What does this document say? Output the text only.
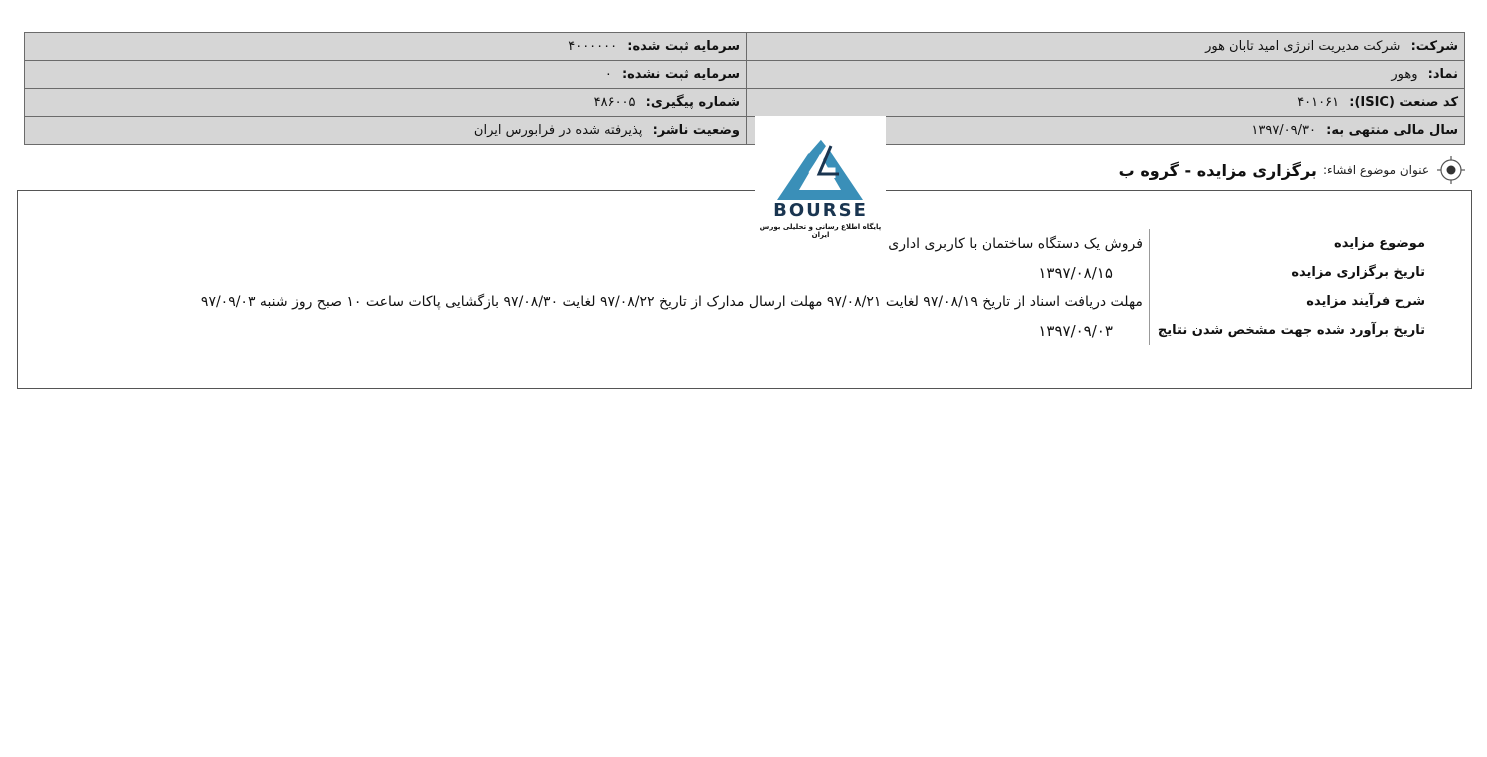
شرکت: شرکت مدیریت انرژی امید تابان هور	سرمایه ثبت شده: ۴۰۰۰۰۰۰
نماد: وهور	سرمایه ثبت نشده: ۰
کد صنعت (ISIC): ۴۰۱۰۶۱	شماره پیگیری: ۴۸۶۰۰۵
سال مالی منتهی به: ۱۳۹۷/۰۹/۳۰	وضعیت ناشر: پذیرفته شده در فرابورس ایران
BOURSE
پایگاه اطلاع رسانی و تحلیلی بورس ایران
عنوان موضوع افشاء:
برگزاری مزایده - گروه ب
موضوع مزایده	فروش یک دستگاه ساختمان با کاربری اداری
تاریخ برگزاری مزایده	۱۳۹۷/۰۸/۱۵
شرح فرآیند مزایده	مهلت دریافت اسناد از تاریخ ۹۷/۰۸/۱۹ لغایت ۹۷/۰۸/۲۱ مهلت ارسال مدارک از تاریخ ۹۷/۰۸/۲۲ لغایت ۹۷/۰۸/۳۰ بازگشایی پاکات ساعت ۱۰ صبح روز شنبه ۹۷/۰۹/۰۳
تاریخ برآورد شده جهت مشخص شدن نتایج	۱۳۹۷/۰۹/۰۳
